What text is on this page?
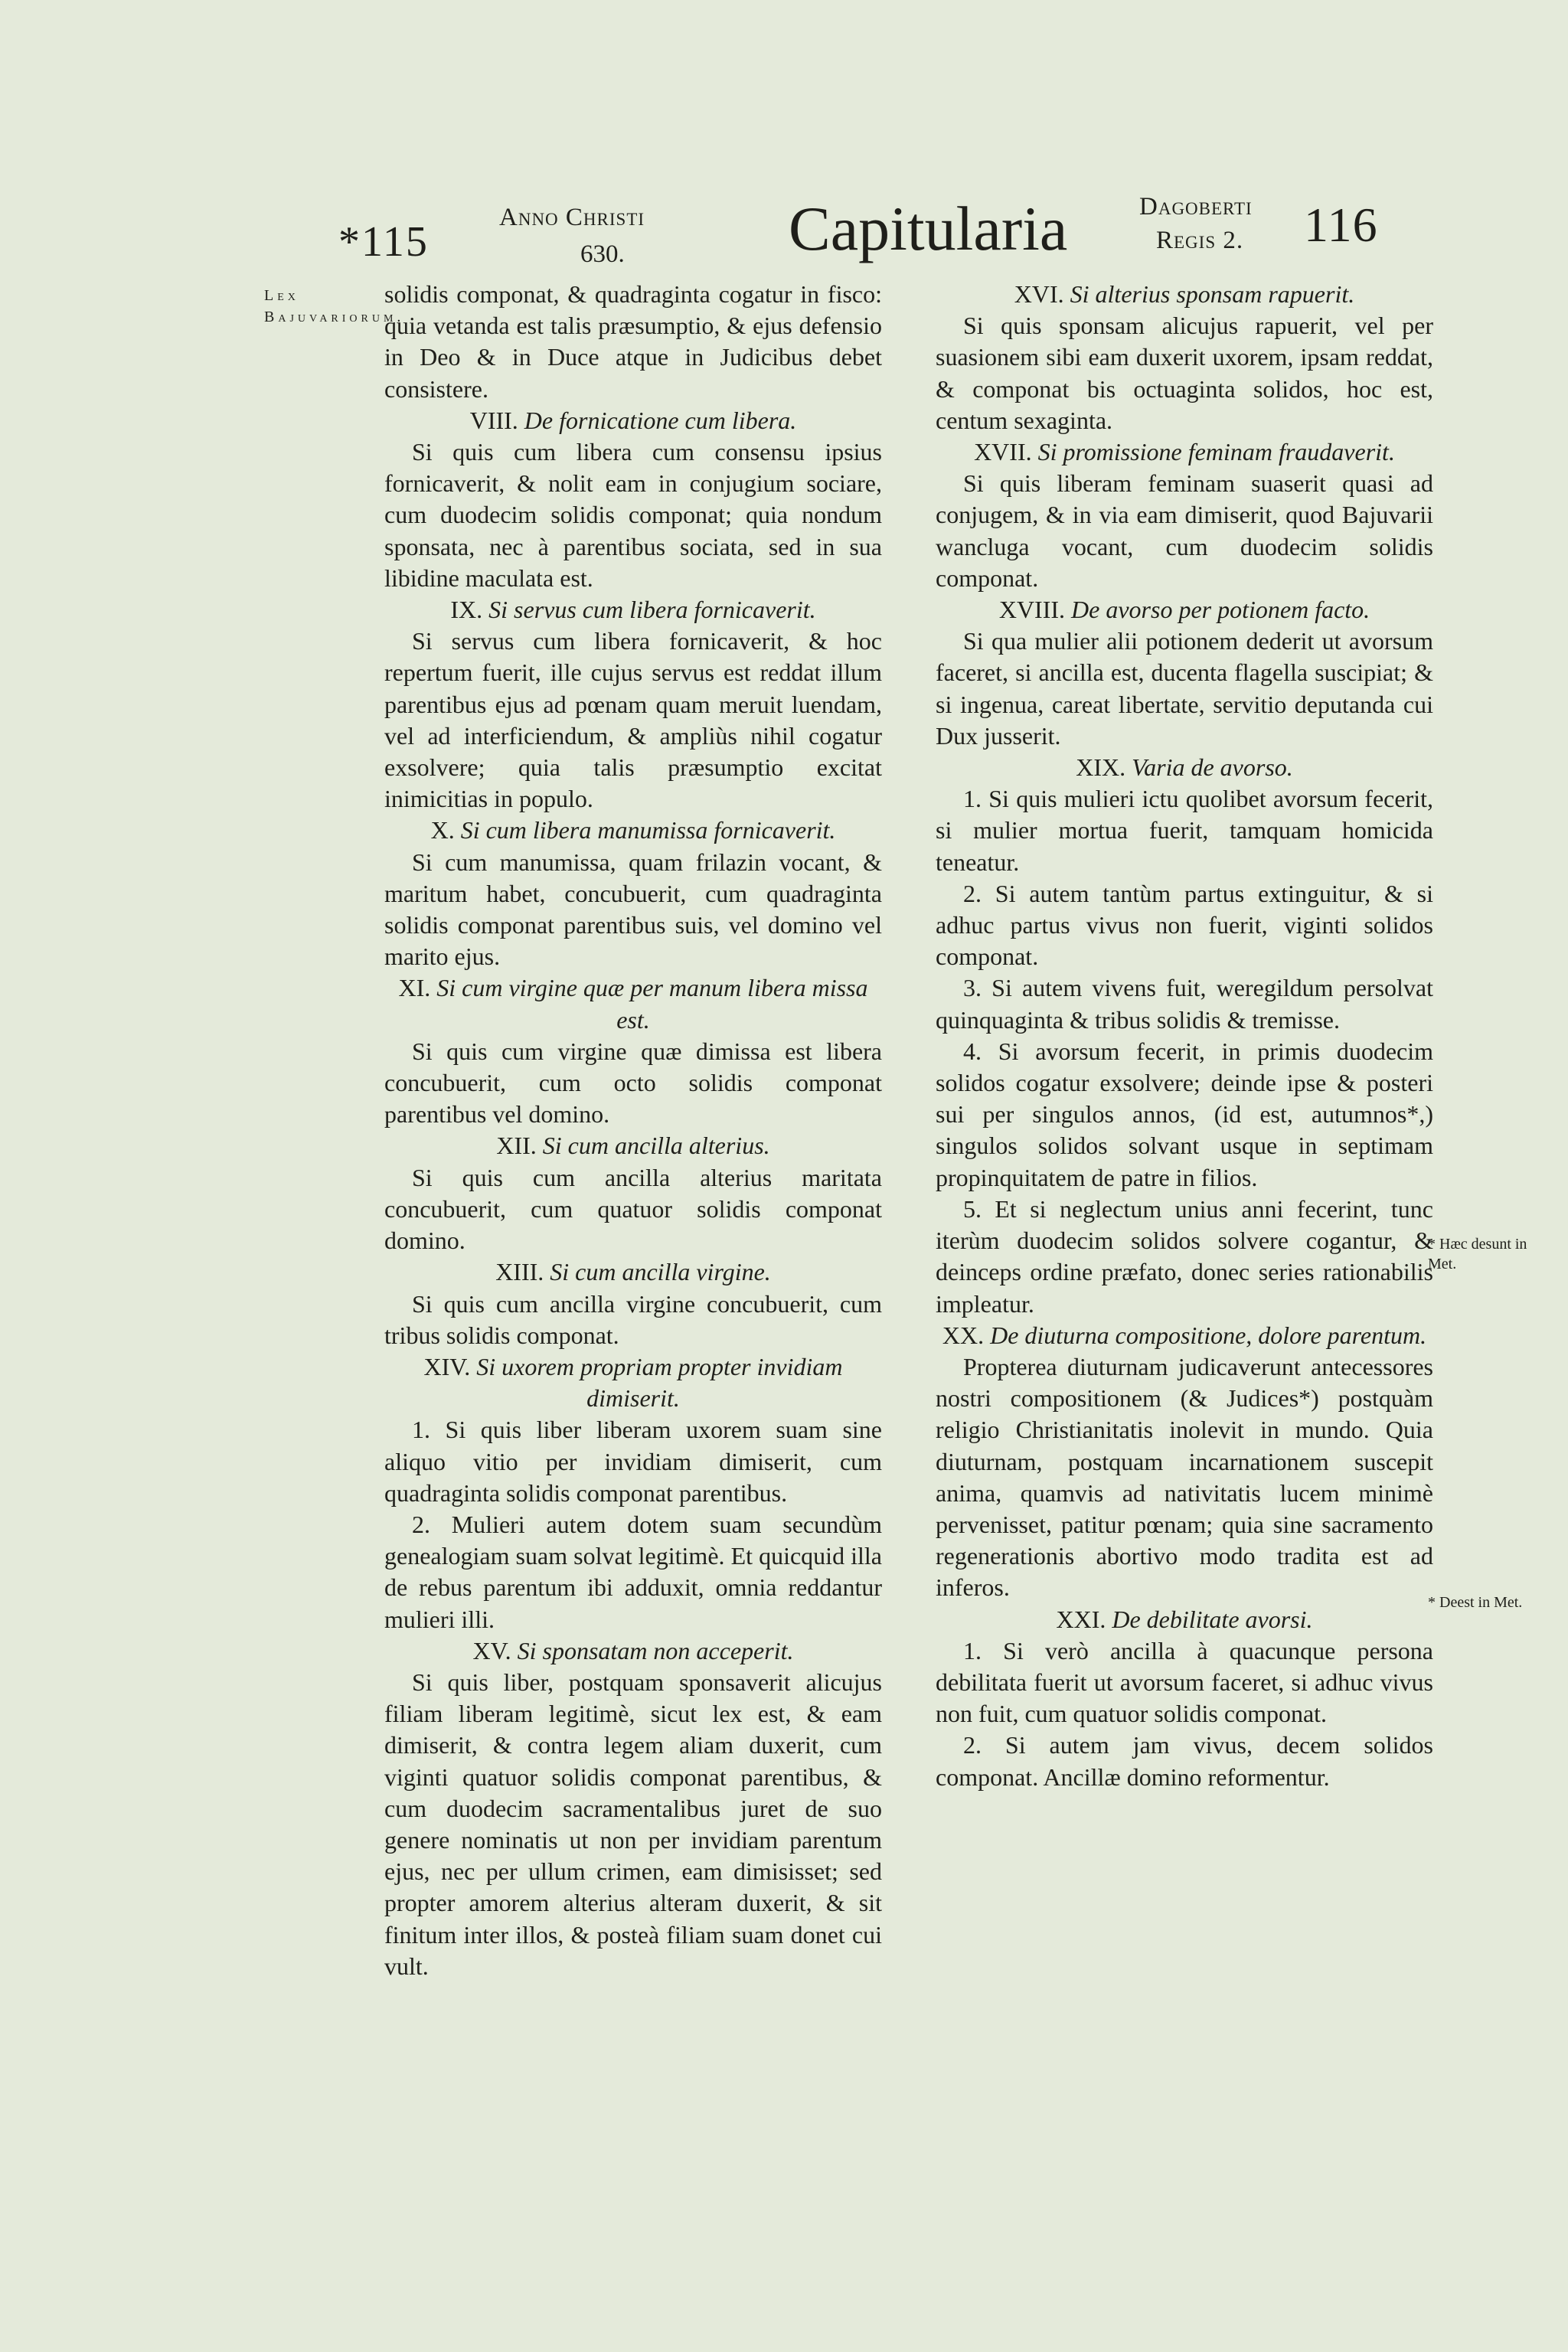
*115
Anno Christi
630.	Capitularia	Dagoberti
Regis 2. 116
Lex Bajuvariorum.
* Hæc desunt in Met.
* Deest in Met.

solidis componat, & quadraginta cogatur in fisco: quia vetanda est talis præsumptio, & ejus defensio in Deo & in Duce atque in Judicibus debet consistere.

VIII. De fornicatione cum libera.

Si quis cum libera cum consensu ipsius fornicaverit, & nolit eam in conjugium sociare, cum duodecim solidis componat; quia nondum sponsata, nec à parentibus sociata, sed in sua libidine maculata est.

IX. Si servus cum libera fornicaverit.

Si servus cum libera fornicaverit, & hoc repertum fuerit, ille cujus servus est reddat illum parentibus ejus ad pœnam quam meruit luendam, vel ad interficiendum, & ampliùs nihil cogatur exsolvere; quia talis præsumptio excitat inimicitias in populo.

X. Si cum libera manumissa fornicaverit.

Si cum manumissa, quam frilazin vocant, & maritum habet, concubuerit, cum quadraginta solidis componat parentibus suis, vel domino vel marito ejus.

XI. Si cum virgine quæ per manum libera missa est.

Si quis cum virgine quæ dimissa est libera concubuerit, cum octo solidis componat parentibus vel domino.

XII. Si cum ancilla alterius.

Si quis cum ancilla alterius maritata concubuerit, cum quatuor solidis componat domino.

XIII. Si cum ancilla virgine.

Si quis cum ancilla virgine concubuerit, cum tribus solidis componat.

XIV. Si uxorem propriam propter invidiam dimiserit.

1. Si quis liber liberam uxorem suam sine aliquo vitio per invidiam dimiserit, cum quadraginta solidis componat parentibus.

2. Mulieri autem dotem suam secundùm genealogiam suam solvat legitimè. Et quicquid illa de rebus parentum ibi adduxit, omnia reddantur mulieri illi.

XV. Si sponsatam non acceperit.

Si quis liber, postquam sponsaverit alicujus filiam liberam legitimè, sicut lex est, & eam dimiserit, & contra legem aliam duxerit, cum viginti quatuor solidis componat parentibus, & cum duodecim sacramentalibus juret de suo genere nominatis ut non per invidiam parentum ejus, nec per ullum crimen, eam dimisisset; sed propter amorem alterius alteram duxerit, & sit finitum inter illos, & posteà filiam suam donet cui vult.

XVI. Si alterius sponsam rapuerit.

Si quis sponsam alicujus rapuerit, vel per suasionem sibi eam duxerit uxorem, ipsam reddat, & componat bis octuaginta solidos, hoc est, centum sexaginta.

XVII. Si promissione feminam fraudaverit.

Si quis liberam feminam suaserit quasi ad conjugem, & in via eam dimiserit, quod Bajuvarii wancluga vocant, cum duodecim solidis componat.

XVIII. De avorso per potionem facto.

Si qua mulier alii potionem dederit ut avorsum faceret, si ancilla est, ducenta flagella suscipiat; & si ingenua, careat libertate, servitio deputanda cui Dux jusserit.

XIX. Varia de avorso.

1. Si quis mulieri ictu quolibet avorsum fecerit, si mulier mortua fuerit, tamquam homicida teneatur.

2. Si autem tantùm partus extinguitur, & si adhuc partus vivus non fuerit, viginti solidos componat.

3. Si autem vivens fuit, weregildum persolvat quinquaginta & tribus solidis & tremisse.

4. Si avorsum fecerit, in primis duodecim solidos cogatur exsolvere; deinde ipse & posteri sui per singulos annos, (id est, autumnos*,) singulos solidos solvant usque in septimam propinquitatem de patre in filios.

5. Et si neglectum unius anni fecerint, tunc iterùm duodecim solidos solvere cogantur, & deinceps ordine præfato, donec series rationabilis impleatur.

XX. De diuturna compositione, dolore parentum.

Propterea diuturnam judicaverunt antecessores nostri compositionem (& Judices*) postquàm religio Christianitatis inolevit in mundo. Quia diuturnam, postquam incarnationem suscepit anima, quamvis ad nativitatis lucem minimè pervenisset, patitur pœnam; quia sine sacramento regenerationis abortivo modo tradita est ad inferos.

XXI. De debilitate avorsi.

1. Si verò ancilla à quacunque persona debilitata fuerit ut avorsum faceret, si adhuc vivus non fuit, cum quatuor solidis componat.

2. Si autem jam vivus, decem solidos componat. Ancillæ domino reformentur.
